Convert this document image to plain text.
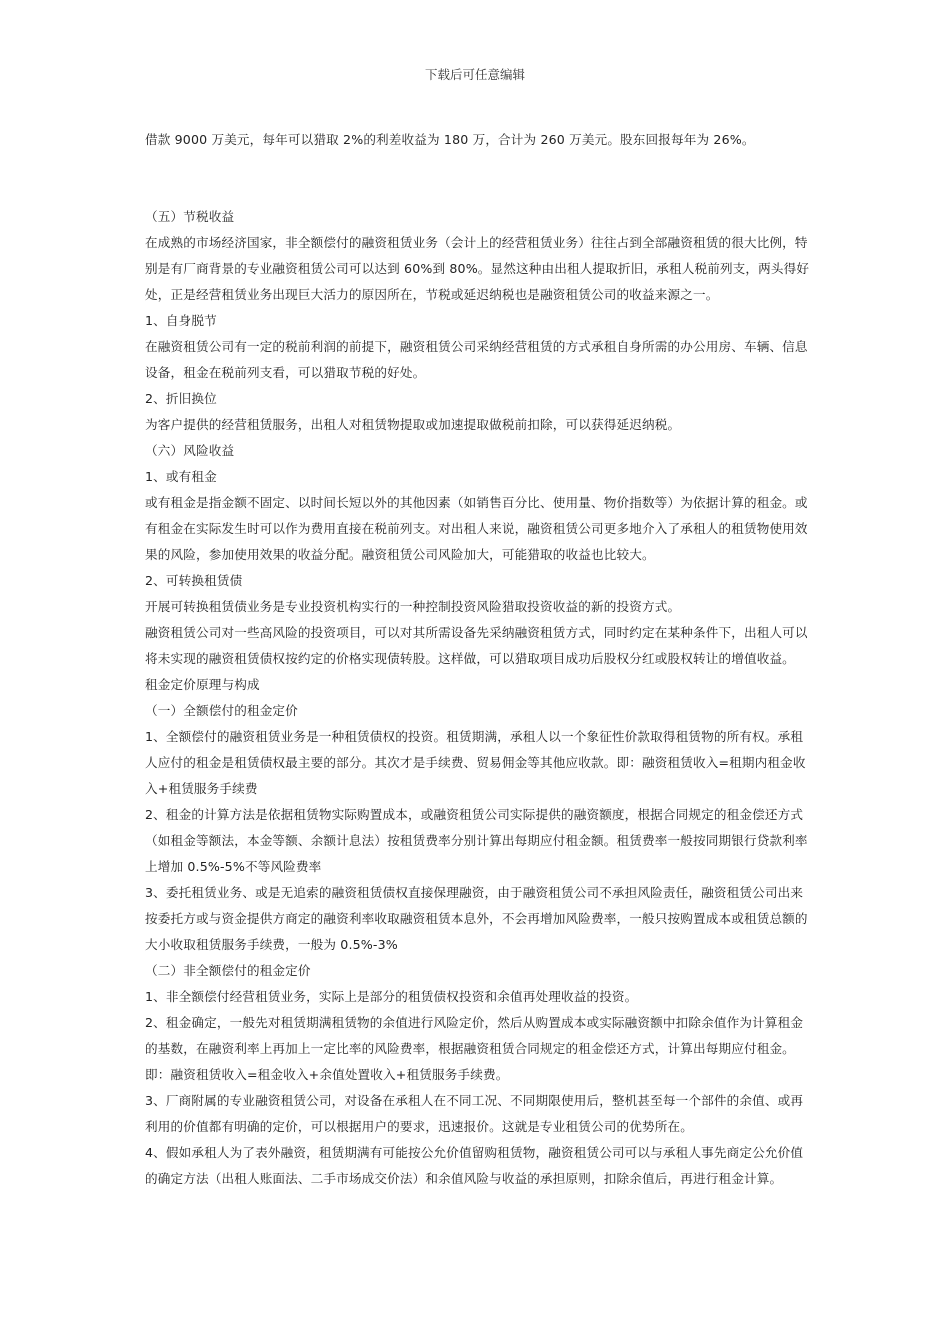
下载后可任意编辑

借款 9000 万美元，每年可以猎取 2%的利差收益为 180 万，合计为 260 万美元。股东回报每年为 26%。

（五）节税收益

在成熟的市场经济国家，非全额偿付的融资租赁业务（会计上的经营租赁业务）往往占到全部融资租赁的很大比例，特别是有厂商背景的专业融资租赁公司可以达到 60%到 80%。显然这种由出租人提取折旧，承租人税前列支，两头得好处，正是经营租赁业务出现巨大活力的原因所在，节税或延迟纳税也是融资租赁公司的收益来源之一。

1、自身脱节

在融资租赁公司有一定的税前利润的前提下，融资租赁公司采纳经营租赁的方式承租自身所需的办公用房、车辆、信息设备，租金在税前列支看，可以猎取节税的好处。

2、折旧换位

为客户提供的经营租赁服务，出租人对租赁物提取或加速提取做税前扣除，可以获得延迟纳税。

（六）风险收益

1、或有租金

或有租金是指金额不固定、以时间长短以外的其他因素（如销售百分比、使用量、物价指数等）为依据计算的租金。或有租金在实际发生时可以作为费用直接在税前列支。对出租人来说，融资租赁公司更多地介入了承租人的租赁物使用效果的风险，参加使用效果的收益分配。融资租赁公司风险加大，可能猎取的收益也比较大。

2、可转换租赁债

开展可转换租赁债业务是专业投资机构实行的一种控制投资风险猎取投资收益的新的投资方式。

融资租赁公司对一些高风险的投资项目，可以对其所需设备先采纳融资租赁方式，同时约定在某种条件下，出租人可以将未实现的融资租赁债权按约定的价格实现债转股。这样做，可以猎取项目成功后股权分红或股权转让的增值收益。

租金定价原理与构成

（一）全额偿付的租金定价

1、全额偿付的融资租赁业务是一种租赁债权的投资。租赁期满，承租人以一个象征性价款取得租赁物的所有权。承租人应付的租金是租赁债权最主要的部分。其次才是手续费、贸易佣金等其他应收款。即：融资租赁收入=租期内租金收入+租赁服务手续费

2、租金的计算方法是依据租赁物实际购置成本，或融资租赁公司实际提供的融资额度，根据合同规定的租金偿还方式（如租金等额法，本金等额、余额计息法）按租赁费率分别计算出每期应付租金额。租赁费率一般按同期银行贷款利率上增加 0.5%-5%不等风险费率

3、委托租赁业务、或是无追索的融资租赁债权直接保理融资，由于融资租赁公司不承担风险责任，融资租赁公司出来按委托方或与资金提供方商定的融资利率收取融资租赁本息外，不会再增加风险费率，一般只按购置成本或租赁总额的大小收取租赁服务手续费，一般为 0.5%-3%

（二）非全额偿付的租金定价

1、非全额偿付经营租赁业务，实际上是部分的租赁债权投资和余值再处理收益的投资。

2、租金确定，一般先对租赁期满租赁物的余值进行风险定价，然后从购置成本或实际融资额中扣除余值作为计算租金的基数，在融资利率上再加上一定比率的风险费率，根据融资租赁合同规定的租金偿还方式，计算出每期应付租金。即：融资租赁收入=租金收入+余值处置收入+租赁服务手续费。

3、厂商附属的专业融资租赁公司，对设备在承租人在不同工况、不同期限使用后，整机甚至每一个部件的余值、或再利用的价值都有明确的定价，可以根据用户的要求，迅速报价。这就是专业租赁公司的优势所在。

4、假如承租人为了表外融资，租赁期满有可能按公允价值留购租赁物，融资租赁公司可以与承租人事先商定公允价值的确定方法（出租人账面法、二手市场成交价法）和余值风险与收益的承担原则，扣除余值后，再进行租金计算。
